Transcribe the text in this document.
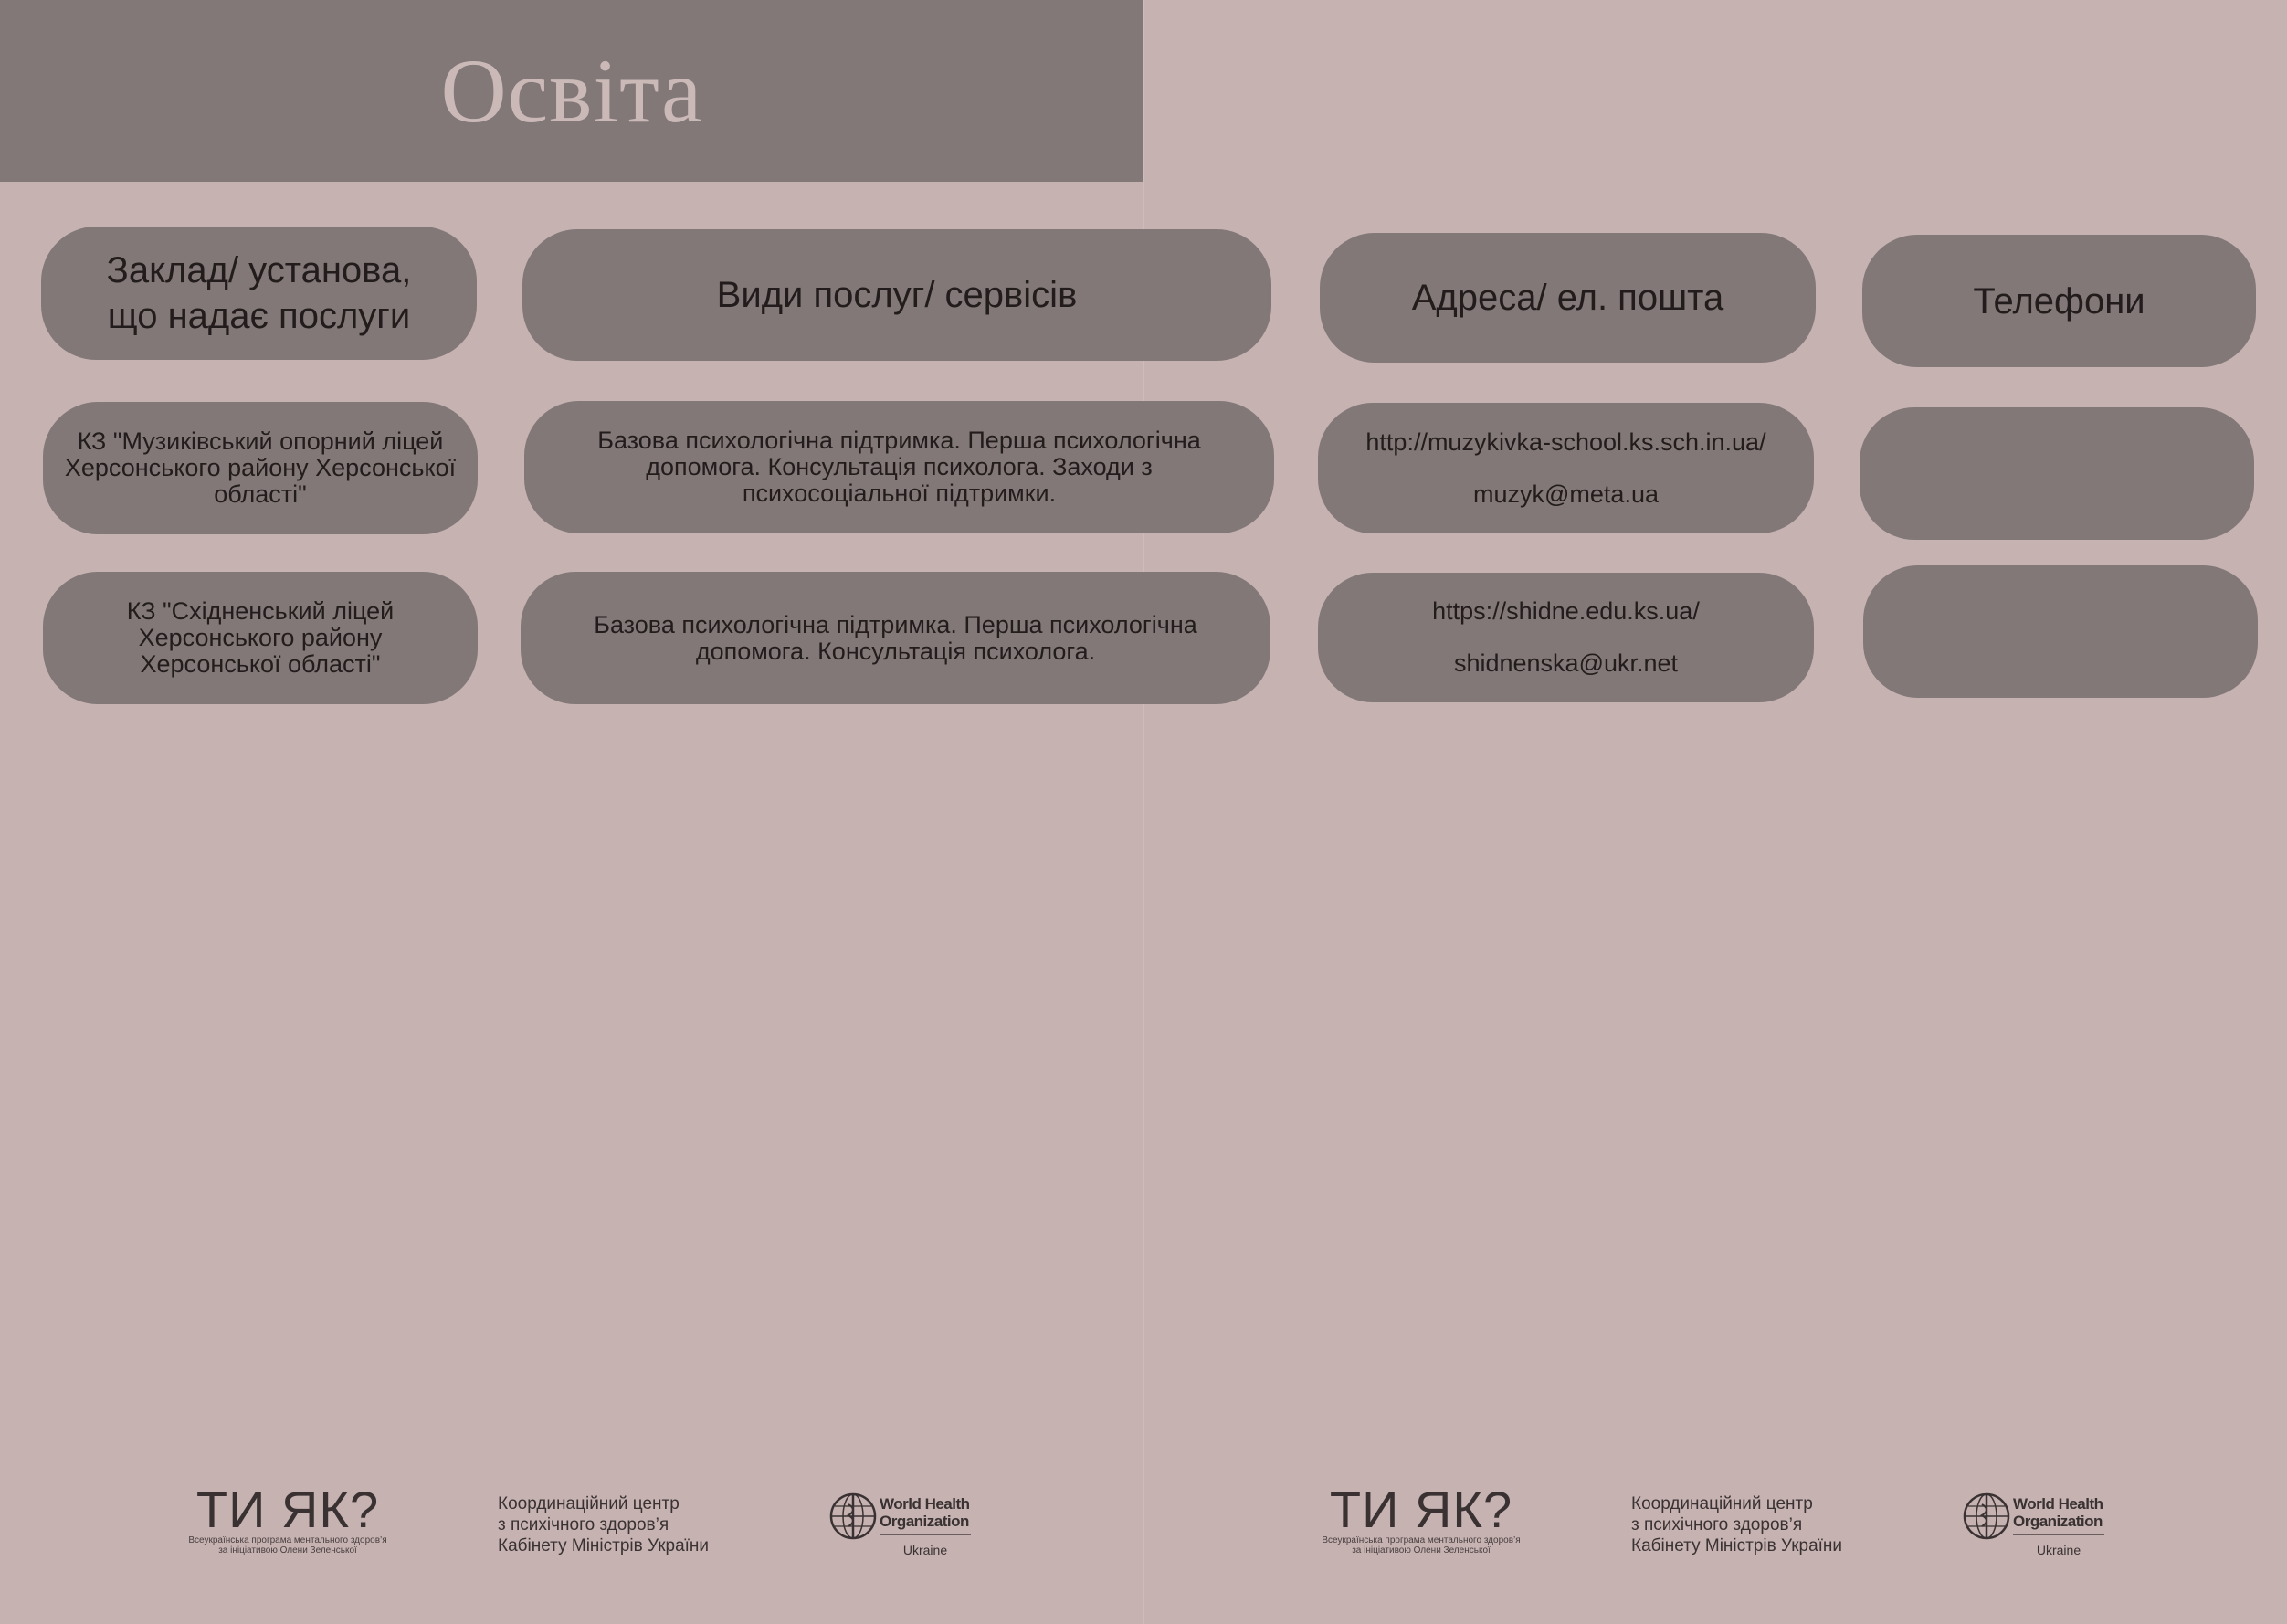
Освіта
Заклад/ установа,
що надає послуги
Види послуг/ сервісів	Адреса/ ел. пошта	Телефони
КЗ "Музиківський опорний ліцей Херсонського району Херсонської області"
Базова психологічна підтримка. Перша психологічна допомога. Консультація психолога. Заходи з психосоціальної підтримки.
http://muzykivka-school.ks.sch.in.ua/
muzyk@meta.ua
КЗ "Східненський ліцей Херсонського району Херсонської області"
Базова психологічна підтримка. Перша психологічна допомога. Консультація психолога.
https://shidne.edu.ks.ua/
shidnenska@ukr.net
ТИ ЯК?
Всеукраїнська програма ментального здоров’я
за ініціативою Олени Зеленської
Координаційний центр
з психічного здоров’я
Кабінету Міністрів України
World Health
Organization
Ukraine
ТИ ЯК?
Всеукраїнська програма ментального здоров’я
за ініціативою Олени Зеленської
Координаційний центр
з психічного здоров’я
Кабінету Міністрів України
World Health
Organization
Ukraine
